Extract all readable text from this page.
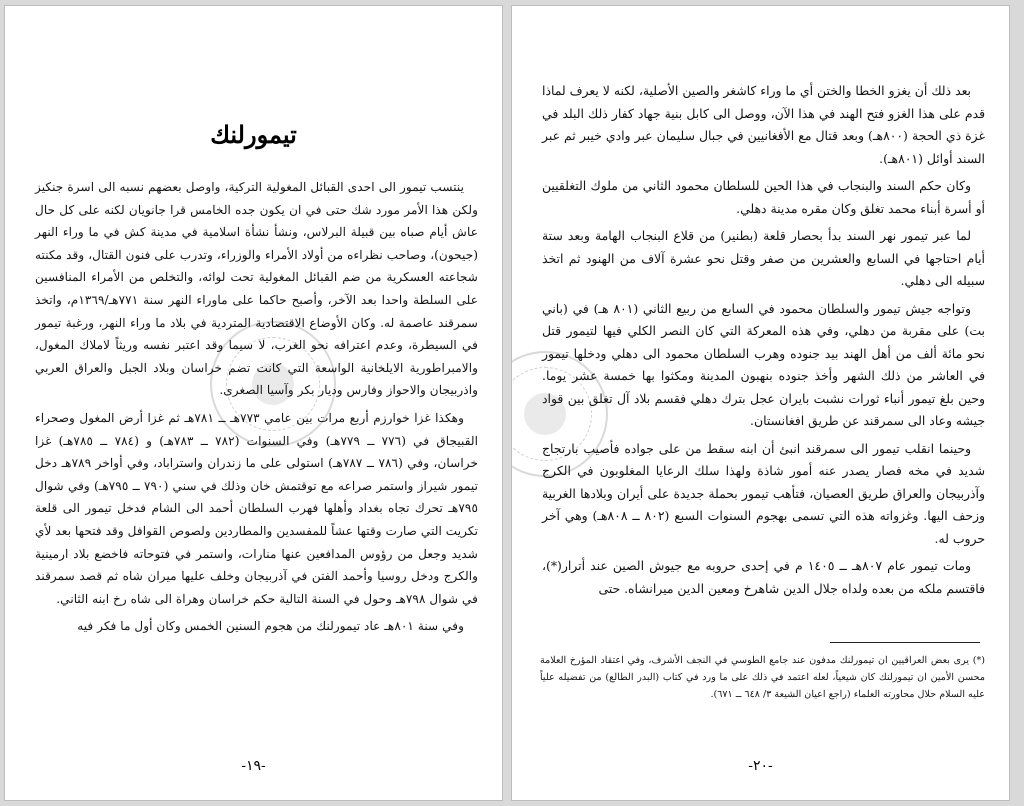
تيمورلنك

ينتسب تيمور الى احدى القبائل المغولية التركية، واوصل بعضهم نسبه الى اسرة جنكيز ولكن هذا الأمر مورد شك حتى في ان يكون جده الخامس قرا جانويان لكنه على كل حال عاش أيام صباه بين قبيلة البرلاس، ونشأ نشأة اسلامية في مدينة كش في ما وراء النهر (جيحون)، وصاحب نظراءه من أولاد الأمراء والوزراء، وتدرب على فنون القتال، وقد مكنته شجاعته العسكرية من ضم القبائل المغولية تحت لوائه، والتخلص من الأمراء المنافسين على السلطة واحدا بعد الآخر، وأصبح حاكما على ماوراء النهر سنة ٧٧١هـ/١٣٦٩م، واتخذ سمرقند عاصمة له. وكان الأوضاع الاقتصادية المتردية في بلاد ما وراء النهر، ورغبة تيمور في السيطرة، وعدم اعترافه نحو الغرب، لا سيما وقد اعتبر نفسه وريثاً لاملاك المغول، والامبراطورية الايلخانية الواسعة التي كانت تضم خراسان وبلاد الجبل والعراق العربي واذربيجان والاحواز وفارس وديار بكر وآسيا الصغرى.

وهكذا غزا خوارزم أربع مرات بين عامي ٧٧٣هـ ــ ٧٨١هـ ثم غزا أرض المغول وصحراء القبيجاق في (٧٧٦ ــ ٧٧٩هـ) وفي السنوات (٧٨٢ ــ ٧٨٣هـ) و (٧٨٤ ــ ٧٨٥هـ) غزا خراسان، وفي (٧٨٦ ــ ٧٨٧هـ) استولى على ما زندران واستراباد، وفي أواخر ٧٨٩هـ دخل تيمور شيراز واستمر صراعه مع توقتمش خان وذلك في سني (٧٩٠ ــ ٧٩٥هـ) وفي شوال ٧٩٥هـ تحرك تجاه بغداد وأهلها فهرب السلطان أحمد الى الشام فدخل تيمور الى قلعة تكريت التي صارت وقتها عشاً للمفسدين والمطاردين ولصوص القوافل وقد فتحها بعد لأي شديد وجعل من رؤوس المدافعين عنها منارات، واستمر في فتوحاته فاخضع بلاد ارمينية والكرج ودخل روسيا وأحمد الفتن في آذربيجان وخلف عليها ميران شاه ثم قصد سمرقند في شوال ٧٩٨هـ وحول في السنة التالية حكم خراسان وهراة الى شاه رخ ابنه الثاني.

وفي سنة ٨٠١هـ عاد تيمورلنك من هجوم السنين الخمس وكان أول ما فكر فيه

-١٩-

بعد ذلك أن يغزو الخطا والختن أي ما وراء كاشغر والصين الأصلية، لكنه لا يعرف لماذا قدم على هذا الغزو فتح الهند في هذا الآن، ووصل الى كابل بنية جهاد كفار ذلك البلد في غزة ذي الحجة (٨٠٠هـ) وبعد قتال مع الأفغانيين في جبال سليمان عبر وادي خيبر ثم عبر السند أوائل (٨٠١هـ).

وكان حكم السند والبنجاب في هذا الحين للسلطان محمود الثاني من ملوك التغلقيين أو أسرة أبناء محمد تغلق وكان مقره مدينة دهلي.

لما عبر تيمور نهر السند بدأ بحصار قلعة (بطنير) من قلاع البنجاب الهامة وبعد ستة أيام احتاجها في السابع والعشرين من صفر وقتل نحو عشرة آلاف من الهنود ثم اتخذ سبيله الى دهلي.

وتواجه جيش تيمور والسلطان محمود في السابع من ربيع الثاني (٨٠١ هـ) في (باني بت) على مقربة من دهلي، وفي هذه المعركة التي كان النصر الكلي فيها لتيمور قتل نحو مائة ألف من أهل الهند بيد جنوده وهرب السلطان محمود الى دهلي ودخلها تيمور في العاشر من ذلك الشهر وأخذ جنوده بنهبون المدينة ومكثوا بها خمسة عشر يوما. وحين بلغ تيمور أنباء ثورات نشبت بايران عجل بترك دهلي فقسم بلاد آل تغلق بين قواد جيشه وعاد الى سمرقند عن طريق افغانستان.

وحينما انقلب تيمور الى سمرقند انبئ أن ابنه سقط من على جواده فأصيب بارتجاج شديد في مخه فصار يصدر عنه أمور شاذة ولهذا سلك الرعايا المغلوبون في الكرج وآذربيجان والعراق طريق العصيان، فتأهب تيمور بحملة جديدة على أيران وبلادها الغربية وزحف اليها. وغزواته هذه التي تسمى بهجوم السنوات السبع (٨٠٢ ــ ٨٠٨هـ) وهي آخر حروب له.

ومات تيمور عام ٨٠٧هـ ــ ١٤٠٥ م في إحدى حروبه مع جيوش الصين عند أترار(*)، فاقتسم ملكه من بعده ولداه جلال الدين شاهرخ ومعين الدين ميرانشاه. حتى

(*) يرى بعض العراقيين ان تيمورلنك مدفون عند جامع الطوسي في النجف الأشرف، وفي اعتقاد المؤرخ العلامة محسن الأمين ان تيمورلنك كان شيعياً، لعله اعتمد في ذلك على ما ورد في كتاب (البدر الطالع) من تفضيله علياً عليه السلام حلال محاورته العلماء (راجع اعيان الشيعة ٣/ ٦٤٨ ــ ٦٧١).
-٢٠-
